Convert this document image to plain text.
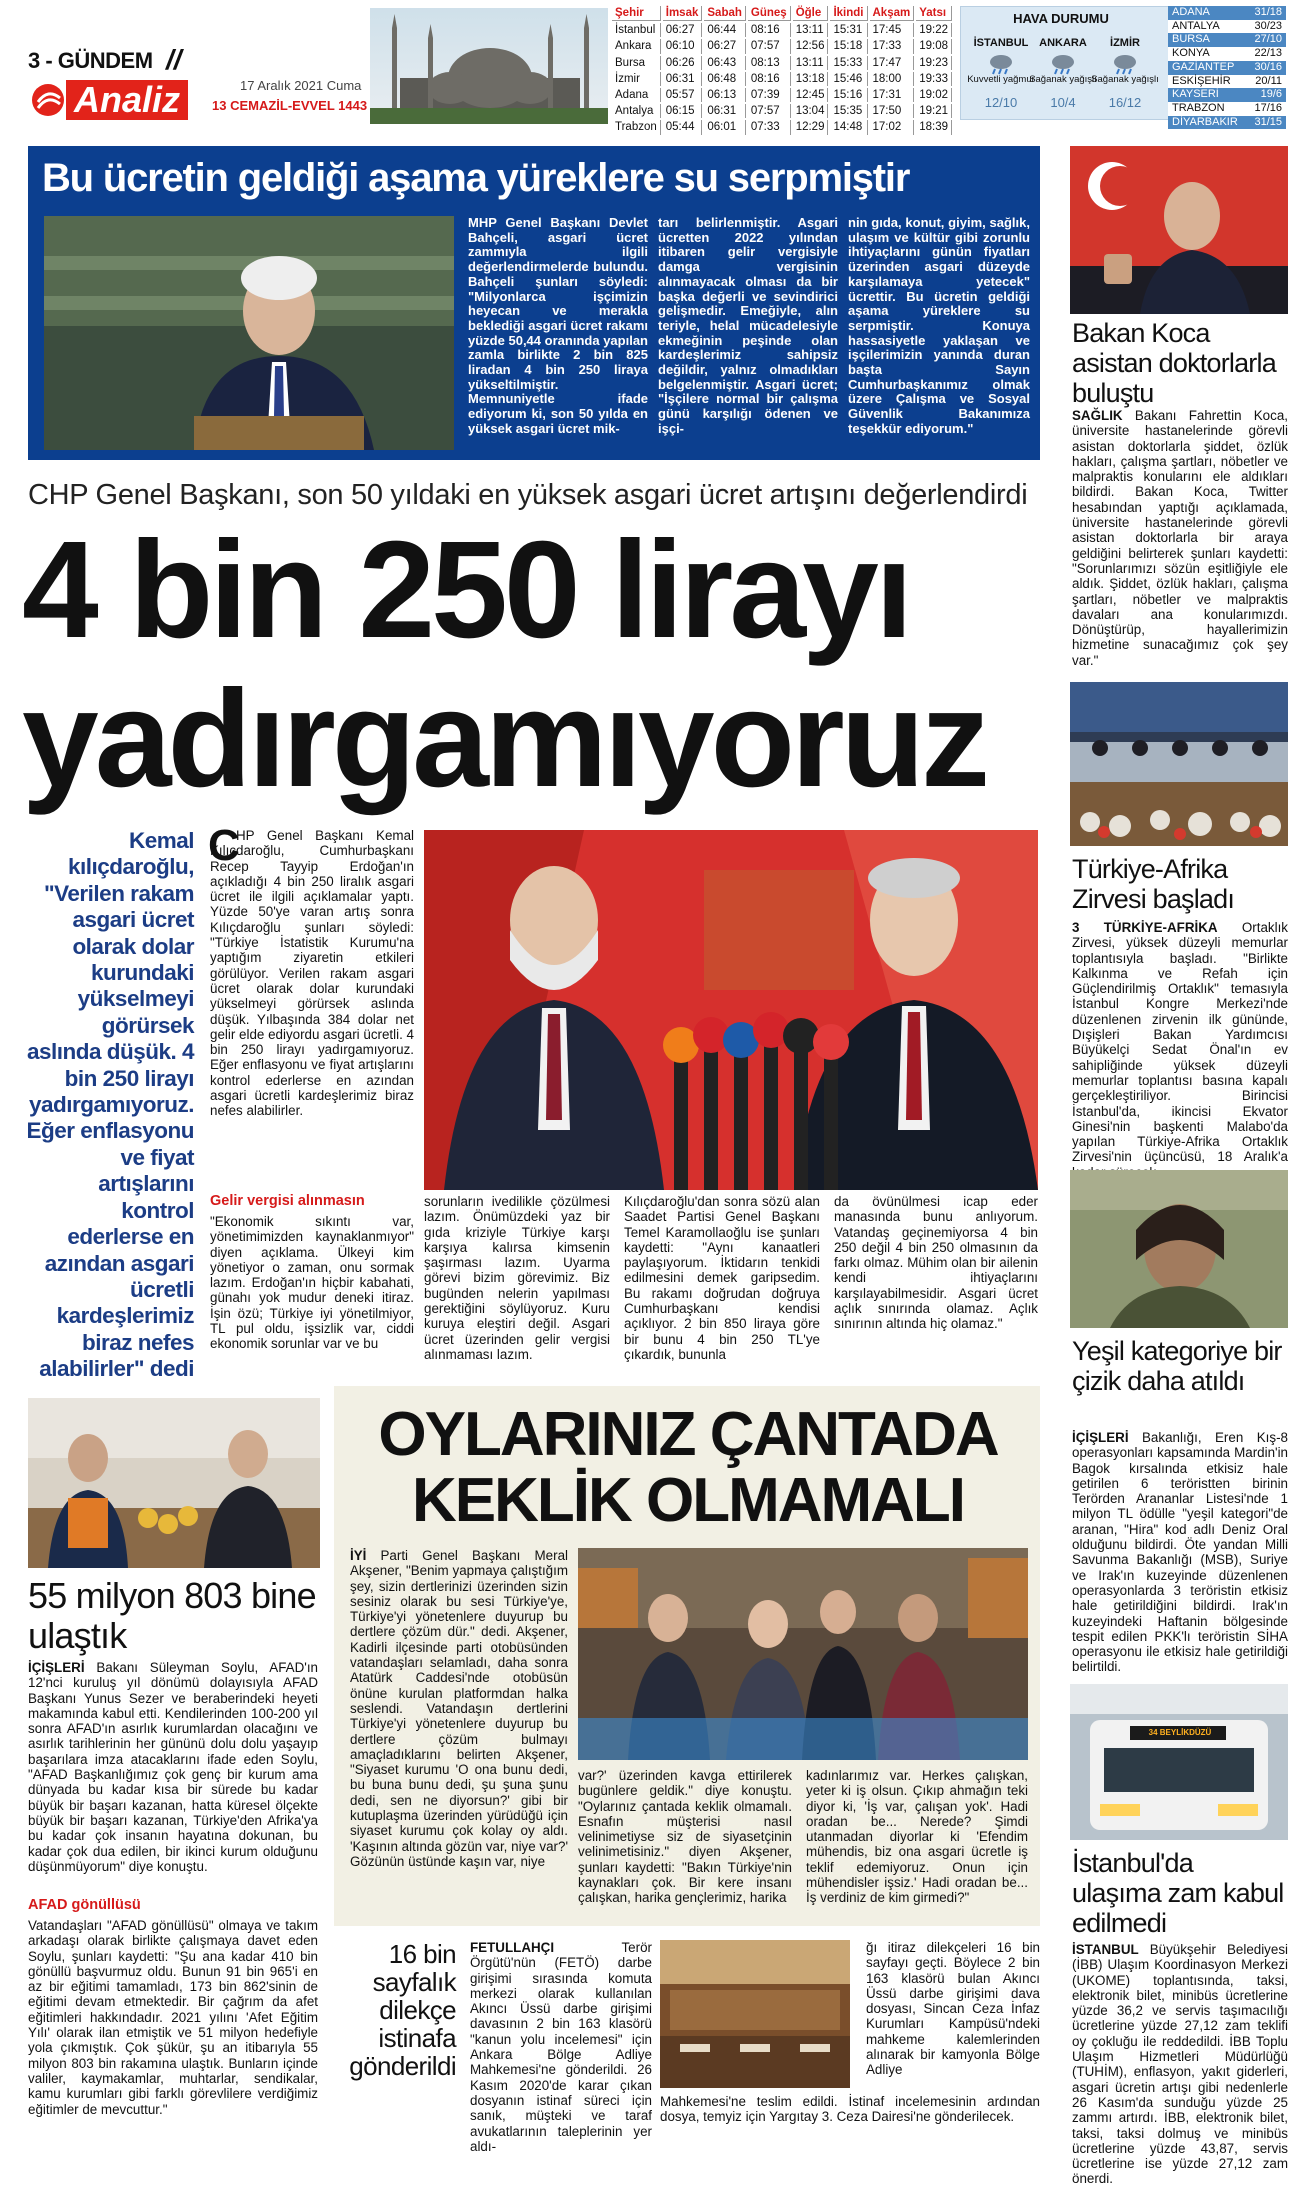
3 - GÜNDEM //
Analiz	17 Aralık 2021 Cuma
13 CEMAZİL-EVVEL 1443
Şehir	İmsak	Sabah	Güneş	Öğle	İkindi	Akşam	Yatsı
İstanbul	06:27	06:44	08:16	13:11	15:31	17:45	19:22
Ankara	06:10	06:27	07:57	12:56	15:18	17:33	19:08
Bursa	06:26	06:43	08:13	13:11	15:33	17:47	19:23
İzmir	06:31	06:48	08:16	13:18	15:46	18:00	19:33
Adana	05:57	06:13	07:39	12:45	15:16	17:31	19:02
Antalya	06:15	06:31	07:57	13:04	15:35	17:50	19:21
Trabzon	05:44	06:01	07:33	12:29	14:48	17:02	18:39
HAVA DURUMU
İSTANBUL
Kuvvetli yağmur
12/10
ANKARA
Sağanak yağışlı
10/4
İZMİR
Sağanak yağışlı
16/12
ADANA	31/18
ANTALYA	30/23
BURSA	27/10
KONYA	22/13
GAZİANTEP 30/16
ESKİŞEHİR 20/11
KAYSERİ	19/6
TRABZON	17/16
DİYARBAKIR 31/15
Bu ücretin geldiği aşama yüreklere su serpmiştir
MHP Genel Başkanı Devlet Bahçeli, asgari ücret zammıyla ilgili değerlendirmelerde bulundu. Bahçeli şunları söyledi: "Milyonlarca işçimizin heyecan ve merakla beklediği asgari ücret rakamı yüzde 50,44 oranında yapılan zamla birlikte 2 bin 825 liradan 4 bin 250 liraya yükseltilmiştir. Memnuniyetle ifade ediyorum ki, son 50 yılda en yüksek asgari ücret mik-
tarı belirlenmiştir. Asgari ücretten 2022 yılından itibaren gelir vergisiyle damga vergisinin alınmayacak olması da bir başka değerli ve sevindirici gelişmedir. Emeğiyle, alın teriyle, helal mücadelesiyle ekmeğinin peşinde olan kardeşlerimiz sahipsiz değildir, yalnız olmadıkları belgelenmiştir. Asgari ücret; "İşçilere normal bir çalışma günü karşılığı ödenen ve işçi-
nin gıda, konut, giyim, sağlık, ulaşım ve kültür gibi zorunlu ihtiyaçlarını günün fiyatları üzerinden asgari düzeyde karşılamaya yetecek" ücrettir. Bu ücretin geldiği aşama yüreklere su serpmiştir. Konuya hassasiyetle yaklaşan ve işçilerimizin yanında duran başta Sayın Cumhurbaşkanımız olmak üzere Çalışma ve Sosyal Güvenlik Bakanımıza teşekkür ediyorum."
CHP Genel Başkanı, son 50 yıldaki en yüksek asgari ücret artışını değerlendirdi
4 bin 250 lirayı
yadırgamıyoruz
Kemal kılıçdaroğlu, "Verilen rakam asgari ücret olarak dolar kurundaki yükselmeyi görürsek aslında düşük. 4 bin 250 lirayı yadırgamıyoruz. Eğer enflasyonu ve fiyat artışlarını kontrol ederlerse en azından asgari ücretli kardeşlerimiz biraz nefes alabilirler" dedi
C
HP Genel Başkanı Kemal Kılıçdaroğlu, Cumhurbaşkanı Recep Tayyip Erdoğan'ın açıkladığı 4 bin 250 liralık asgari ücret ile ilgili açıklamalar yaptı. Yüzde 50'ye varan artış sonra Kılıçdaroğlu şunları söyledi: "Türkiye İstatistik Kurumu'na yaptığım ziyaretin etkileri görülüyor. Verilen rakam asgari ücret olarak dolar kurundaki yükselmeyi görürsek aslında düşük. Yılbaşında 384 dolar net gelir elde ediyordu asgari ücretli. 4 bin 250 lirayı yadırgamıyoruz. Eğer enflasyonu ve fiyat artışlarını kontrol ederlerse en azından asgari ücretli kardeşlerimiz biraz nefes alabilirler.
Gelir vergisi alınmasın
"Ekonomik sıkıntı var, yönetimimizden kaynaklanmıyor" diyen açıklama. Ülkeyi kim yönetiyor o zaman, onu sormak lazım. Erdoğan'ın hiçbir kabahati, günahı yok mudur deneki itiraz. İşin özü; Türkiye iyi yönetilmiyor, TL pul oldu, işsizlik var, ciddi ekonomik sorunlar var ve bu
sorunların ivedilikle çözülmesi lazım. Önümüzdeki yaz bir gıda kriziyle Türkiye karşı karşıya kalırsa kimsenin şaşırması lazım. Uyarma görevi bizim görevimiz. Biz bugünden nelerin yapılması gerektiğini söylüyoruz. Kuru kuruya eleştiri değil. Asgari ücret üzerinden gelir vergisi alınmaması lazım.
Kılıçdaroğlu'dan sonra sözü alan Saadet Partisi Genel Başkanı Temel Karamollaoğlu ise şunları kaydetti: "Aynı kanaatleri paylaşıyorum. İktidarın tenkidi edilmesini demek garipsedim. Bu rakamı doğrudan doğruya Cumhurbaşkanı kendisi açıklıyor. 2 bin 850 liraya göre bir bunu 4 bin 250 TL'ye çıkardık, bununla
da övünülmesi icap eder manasında bunu anlıyorum. Vatandaş geçinemiyorsa 4 bin 250 değil 4 bin 250 olmasının da farkı olmaz. Mühim olan bir ailenin kendi ihtiyaçlarını karşılayabilmesidir. Asgari ücret açlık sınırında olamaz. Açlık sınırının altında hiç olamaz."
Bakan Koca asistan doktorlarla buluştu
SAĞLIK Bakanı Fahrettin Koca, üniversite hastanelerinde görevli asistan doktorlarla şiddet, özlük hakları, çalışma şartları, nöbetler ve malpraktis konularını ele aldıkları bildirdi. Bakan Koca, Twitter hesabından yaptığı açıklamada, üniversite hastanelerinde görevli asistan doktorlarla bir araya geldiğini belirterek şunları kaydetti: "Sorunlarımızı sözün eşitliğiyle ele aldık. Şiddet, özlük hakları, çalışma şartları, nöbetler ve malpraktis davaları ana konularımızdı. Dönüştürüp, hayallerimizin hizmetine sunacağımız çok şey var."
Türkiye-Afrika Zirvesi başladı
3 TÜRKİYE-AFRİKA Ortaklık Zirvesi, yüksek düzeyli memurlar toplantısıyla başladı. "Birlikte Kalkınma ve Refah için Güçlendirilmiş Ortaklık" temasıyla İstanbul Kongre Merkezi'nde düzenlenen zirvenin ilk gününde, Dışişleri Bakan Yardımcısı Büyükelçi Sedat Önal'ın ev sahipliğinde yüksek düzeyli memurlar toplantısı basına kapalı gerçekleştiriliyor. Birincisi İstanbul'da, ikincisi Ekvator Ginesi'nin başkenti Malabo'da yapılan Türkiye-Afrika Ortaklık Zirvesi'nin üçüncüsü, 18 Aralık'a
Yeşil kategoriye bir çizik daha atıldı
İÇİŞLERİ Bakanlığı, Eren Kış-8 operasyonları kapsamında Mardin'in Bagok kırsalında etkisiz hale getirilen 6 teröristten birinin Terörden Arananlar Listesi'nde 1 milyon TL ödülle "yeşil kategori"de aranan, "Hira" kod adlı Deniz Oral olduğunu bildirdi. Öte yandan Milli Savunma Bakanlığı (MSB), Suriye ve Irak'ın kuzeyinde düzenlenen operasyonlarda 3 teröristin etkisiz hale getirildiğini bildirdi. Irak'ın kuzeyindeki Haftanin bölgesinde tespit edilen PKK'lı teröristin SİHA operasyonu ile etkisiz hale getirildiği belirtildi.
34 BEYLİKDÜZÜ
İstanbul'da ulaşıma zam kabul edilmedi
İSTANBUL Büyükşehir Belediyesi (İBB) Ulaşım Koordinasyon Merkezi (UKOME) toplantısında, taksi, elektronik bilet, minibüs ücretlerine yüzde 36,2 ve servis taşımacılığı ücretlerine yüzde 27,12 zam teklifi oy çokluğu ile reddedildi. İBB Toplu Ulaşım Hizmetleri Müdürlüğü (TUHİM), enflasyon, yakıt giderleri, asgari ücretin artışı gibi nedenlerle 26 Kasım'da sunduğu yüzde 25 zammı artırdı. İBB, elektronik bilet, taksi, taksi dolmuş ve minibüs ücretlerine yüzde 43,87, servis ücretlerine ise yüzde 27,12 zam önerdi.
55 milyon 803 bine ulaştık
İÇİŞLERİ Bakanı Süleyman Soylu, AFAD'ın 12'nci kuruluş yıl dönümü dolayısıyla AFAD Başkanı Yunus Sezer ve beraberindeki heyeti makamında kabul etti. Kendilerinden 100-200 yıl sonra AFAD'ın asırlık kurumlardan olacağını ve asırlık tarihlerinin her gününü dolu dolu yaşayıp başarılara imza atacaklarını ifade eden Soylu, "AFAD Başkanlığımız çok genç bir kurum ama dünyada bu kadar kısa bir sürede bu kadar büyük bir başarı kazanan, hatta küresel ölçekte büyük bir başarı kazanan, Türkiye'den Afrika'ya bu kadar çok insanın hayatına dokunan, bu kadar çok dua edilen, bir ikinci kurum olduğunu düşünmüyorum" diye konuştu.
AFAD gönüllüsü
Vatandaşları "AFAD gönüllüsü" olmaya ve takım arkadaşı olarak birlikte çalışmaya davet eden Soylu, şunları kaydetti: "Şu ana kadar 410 bin gönüllü başvurmuz oldu. Bunun 91 bin 965'i en az bir eğitimi tamamladı, 173 bin 862'sinin de eğitimi devam etmektedir. Bir çağrım da afet eğitimleri hakkındadır. 2021 yılını 'Afet Eğitim Yılı' olarak ilan etmiştik ve 51 milyon hedefiyle yola çıkmıştık. Çok şükür, şu an itibarıyla 55 milyon 803 bin rakamına ulaştık. Bunların içinde valiler, kaymakamlar, muhtarlar, sendikalar, kamu kurumları gibi farklı görevlilere verdiğimiz eğitimler de mevcuttur."
OYLARINIZ ÇANTADA
KEKLİK OLMAMALI
İYİ Parti Genel Başkanı Meral Akşener, "Benim yapmaya çalıştığım şey, sizin dertlerinizi üzerinden sizin sesiniz olarak bu sesi Türkiye'ye, Türkiye'yi yönetenlere duyurup bu dertlere çözüm dür." dedi. Akşener, Kadirli ilçesinde parti otobüsünden vatandaşları selamladı, daha sonra Atatürk Caddesi'nde otobüsün önüne kurulan platformdan halka seslendi. Vatandaşın dertlerini Türkiye'yi yönetenlere duyurup bu dertlere çözüm bulmayı amaçladıklarını belirten Akşener, "Siyaset kurumu 'O ona bunu dedi, bu buna bunu dedi, şu şuna şunu dedi, sen ne diyorsun?' gibi bir kutuplaşma üzerinden yürüdüğü için siyaset kurumu çok kolay oy aldı. 'Kaşının altında gözün var, niye var?' Gözünün üstünde kaşın var, niye
var?' üzerinden kavga ettirilerek bugünlere geldik." diye konuştu. "Oylarınız çantada keklik olmamalı. Esnafın müşterisi nasıl velinimetiyse siz de siyasetçinin velinimetisiniz." diyen Akşener, şunları kaydetti: "Bakın Türkiye'nin kaynakları çok. Bir kere insanı çalışkan, harika gençlerimiz, harika
kadınlarımız var. Herkes çalışkan, yeter ki iş olsun. Çıkıp ahmağın teki diyor ki, 'İş var, çalışan yok'. Hadi oradan be... Nerede? Şimdi utanmadan diyorlar ki 'Efendim mühendis, biz ona asgari ücretle iş teklif edemiyoruz. Onun için mühendisler işsiz.' Hadi oradan be... İş verdiniz de kim girmedi?"
16 bin sayfalık dilekçe istinafa gönderildi
FETULLAHÇI	Terör Örgütü'nün (FETÖ) darbe girişimi sırasında komuta merkezi olarak kullanılan Akıncı Üssü darbe girişimi davasının 2 bin 163 klasörü "kanun yolu incelemesi" için Ankara Bölge Adliye Mahkemesi'ne gönderildi. 26 Kasım 2020'de karar çıkan dosyanın istinaf süreci için sanık, müşteki ve taraf avukatlarının taleplerinin yer aldı-
ğı itiraz dilekçeleri 16 bin sayfayı geçti. Böylece 2 bin 163 klasörü bulan Akıncı Üssü darbe girişimi dava dosyası, Sincan Ceza İnfaz Kurumları Kampüsü'ndeki mahkeme kalemlerinden alınarak bir kamyonla Bölge Adliye
Mahkemesi'ne teslim edildi. İstinaf incelemesinin ardından dosya, temyiz için Yargıtay 3. Ceza Dairesi'ne gönderilecek.
